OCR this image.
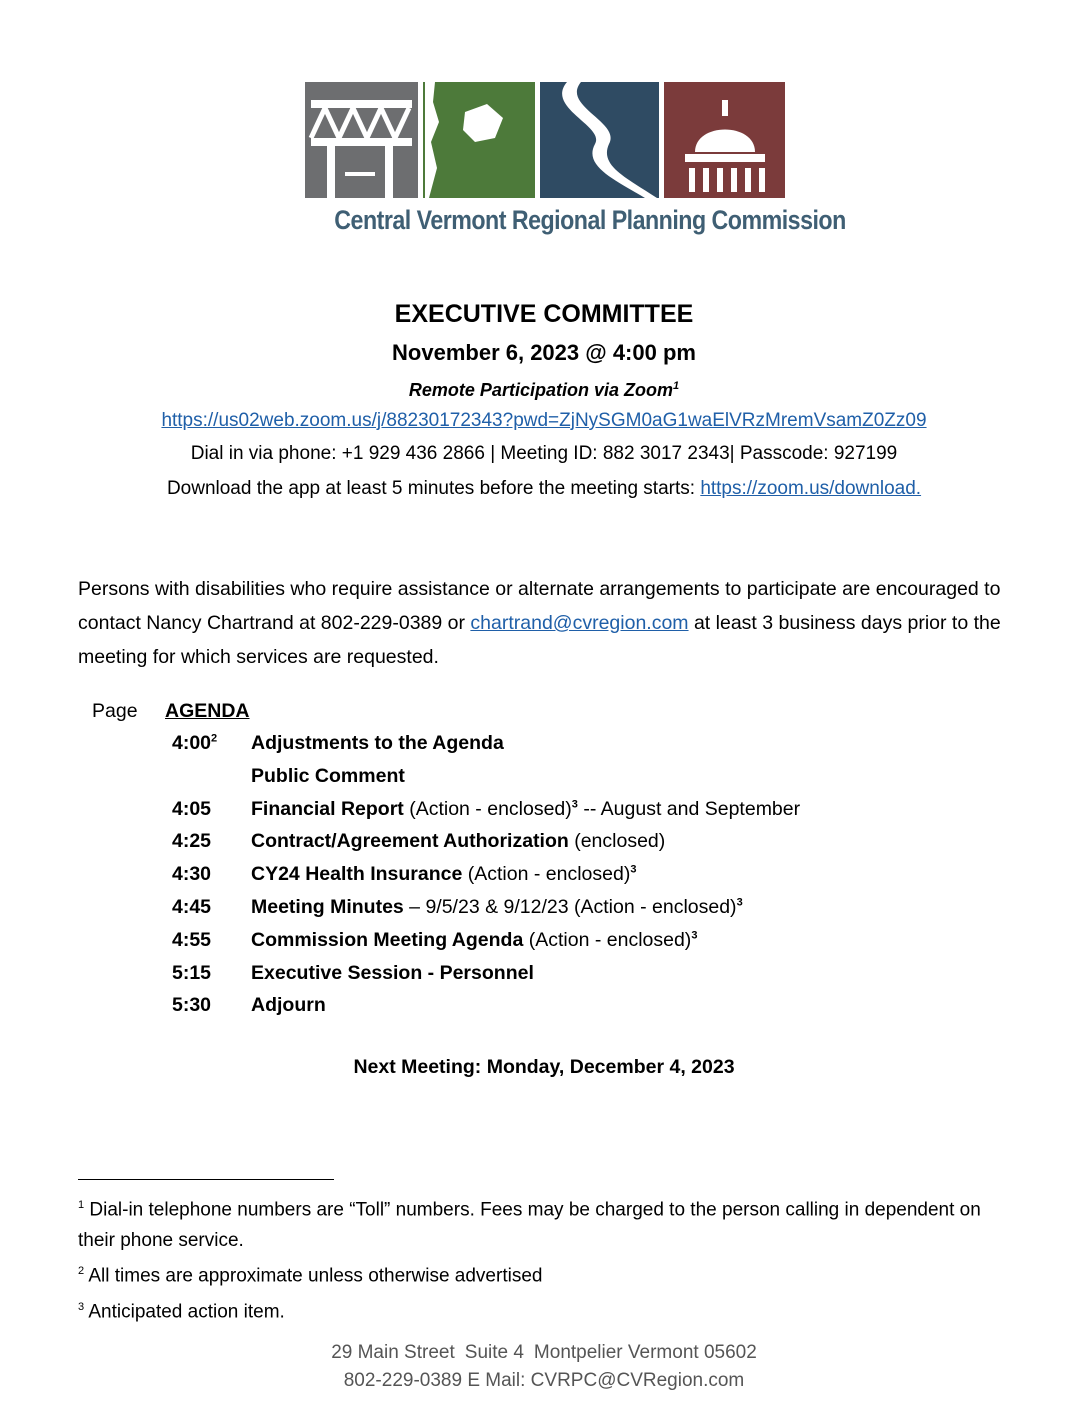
Central Vermont Regional Planning Commission
EXECUTIVE COMMITTEE
November 6, 2023 @ 4:00 pm
Remote Participation via Zoom$^1$
https://us02web.zoom.us/j/88230172343?pwd=ZjNySGM0aG1waElVRzMremVsamZ0Zz09
Dial in via phone: +1 929 436 2866 | Meeting ID: 882 3017 2343| Passcode: 927199
Download the app at least 5 minutes before the meeting starts: https://zoom.us/download.
Persons with disabilities who require assistance or alternate arrangements to participate are encouraged to contact Nancy Chartrand at 802-229-0389 or chartrand@cvregion.com at least 3 business days prior to the meeting for which services are requested.
Page AGENDA
$4:00^2$	Adjustments to the Agenda
Public Comment
4:05	Financial Report (Action - enclosed)$^3$ -- August and September
4:25	Contract/Agreement Authorization (enclosed)
4:30	CY24 Health Insurance (Action - enclosed)$^3$
4:45	Meeting Minutes – 9/5/23 & 9/12/23 (Action - enclosed)$^3$
4:55	Commission Meeting Agenda (Action - enclosed)$^3$
5:15	Executive Session - Personnel
5:30	Adjourn
Next Meeting: Monday, December 4, 2023
$^1$ Dial-in telephone numbers are “Toll” numbers. Fees may be charged to the person calling in dependent on their phone service.
$^2$ All times are approximate unless otherwise advertised
$^3$ Anticipated action item.
29 Main Street Suite 4 Montpelier Vermont 05602
802-229-0389 E Mail: CVRPC@CVRegion.com
